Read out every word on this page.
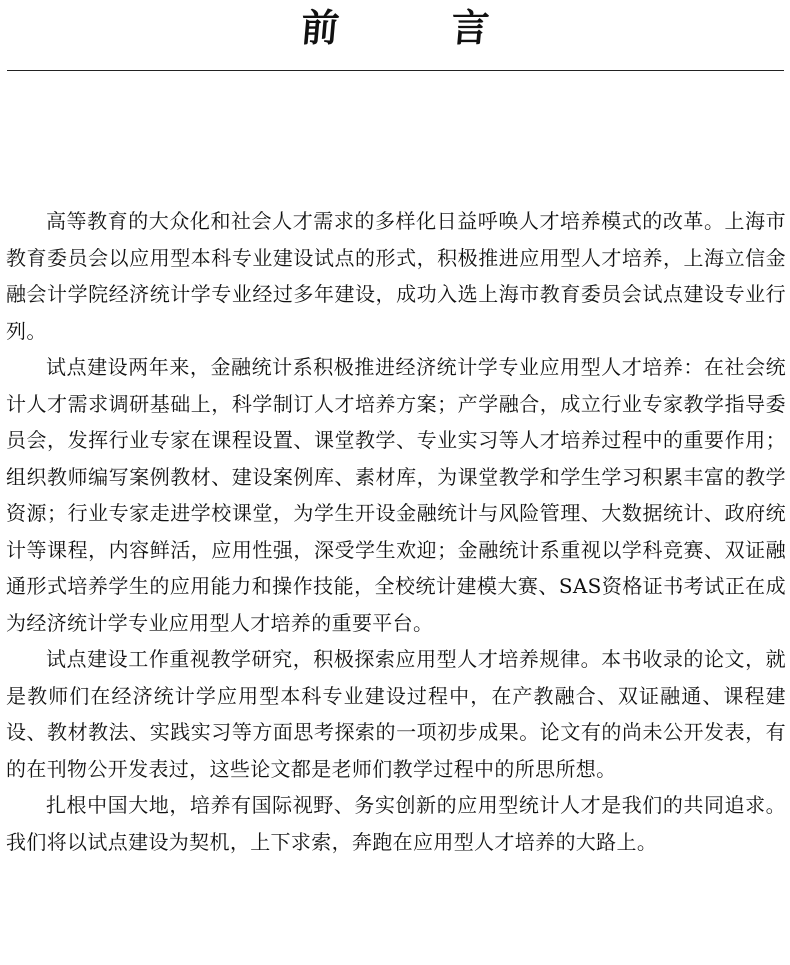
前	言

高等教育的大众化和社会人才需求的多样化日益呼唤人才培养模式的改革。上海市教育委员会以应用型本科专业建设试点的形式，积极推进应用型人才培养，上海立信金融会计学院经济统计学专业经过多年建设，成功入选上海市教育委员会试点建设专业行列。

试点建设两年来，金融统计系积极推进经济统计学专业应用型人才培养：在社会统计人才需求调研基础上，科学制订人才培养方案；产学融合，成立行业专家教学指导委员会，发挥行业专家在课程设置、课堂教学、专业实习等人才培养过程中的重要作用；组织教师编写案例教材、建设案例库、素材库，为课堂教学和学生学习积累丰富的教学资源；行业专家走进学校课堂，为学生开设金融统计与风险管理、大数据统计、政府统计等课程，内容鲜活，应用性强，深受学生欢迎；金融统计系重视以学科竞赛、双证融通形式培养学生的应用能力和操作技能，全校统计建模大赛、SAS资格证书考试正在成为经济统计学专业应用型人才培养的重要平台。

试点建设工作重视教学研究，积极探索应用型人才培养规律。本书收录的论文，就是教师们在经济统计学应用型本科专业建设过程中，在产教融合、双证融通、课程建设、教材教法、实践实习等方面思考探索的一项初步成果。论文有的尚未公开发表，有的在刊物公开发表过，这些论文都是老师们教学过程中的所思所想。

扎根中国大地，培养有国际视野、务实创新的应用型统计人才是我们的共同追求。我们将以试点建设为契机，上下求索，奔跑在应用型人才培养的大路上。
